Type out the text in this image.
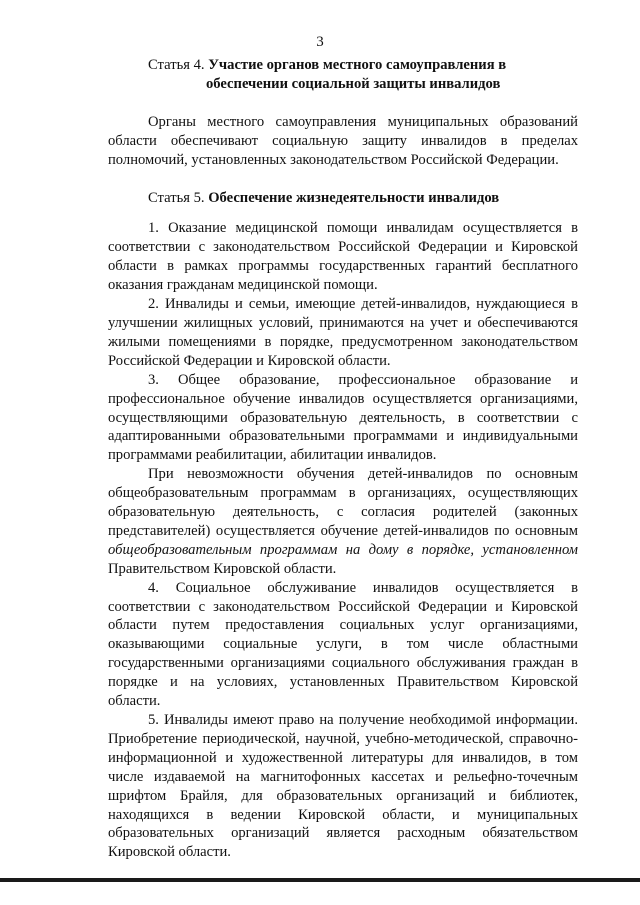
3

Статья 4. Участие органов местного самоуправления в
обеспечении социальной защиты инвалидов

Органы местного самоуправления муниципальных образований области обеспечивают социальную защиту инвалидов в пределах полномочий, установленных законодательством Российской Федерации.

Статья 5. Обеспечение жизнедеятельности инвалидов

1. Оказание медицинской помощи инвалидам осуществляется в соответствии с законодательством Российской Федерации и Кировской области в рамках программы государственных гарантий бесплатного оказания гражданам медицинской помощи.

2. Инвалиды и семьи, имеющие детей-инвалидов, нуждающиеся в улучшении жилищных условий, принимаются на учет и обеспечиваются жилыми помещениями в порядке, предусмотренном законодательством Российской Федерации и Кировской области.

3. Общее образование, профессиональное образование и профессиональное обучение инвалидов осуществляется организациями, осуществляющими образовательную деятельность, в соответствии с адаптированными образовательными программами и индивидуальными программами реабилитации, абилитации инвалидов.

При невозможности обучения детей-инвалидов по основным общеобразовательным программам в организациях, осуществляющих образовательную деятельность, с согласия родителей (законных представителей) осуществляется обучение детей-инвалидов по основным общеобразовательным программам на дому в порядке, установленном Правительством Кировской области.

4. Социальное обслуживание инвалидов осуществляется в соответствии с законодательством Российской Федерации и Кировской области путем предоставления социальных услуг организациями, оказывающими социальные услуги, в том числе областными государственными организациями социального обслуживания граждан в порядке и на условиях, установленных Правительством Кировской области.

5. Инвалиды имеют право на получение необходимой информации. Приобретение периодической, научной, учебно-методической, справочно-информационной и художественной литературы для инвалидов, в том числе издаваемой на магнитофонных кассетах и рельефно-точечным шрифтом Брайля, для образовательных организаций и библиотек, находящихся в ведении Кировской области, и муниципальных образовательных организаций является расходным обязательством Кировской области.
